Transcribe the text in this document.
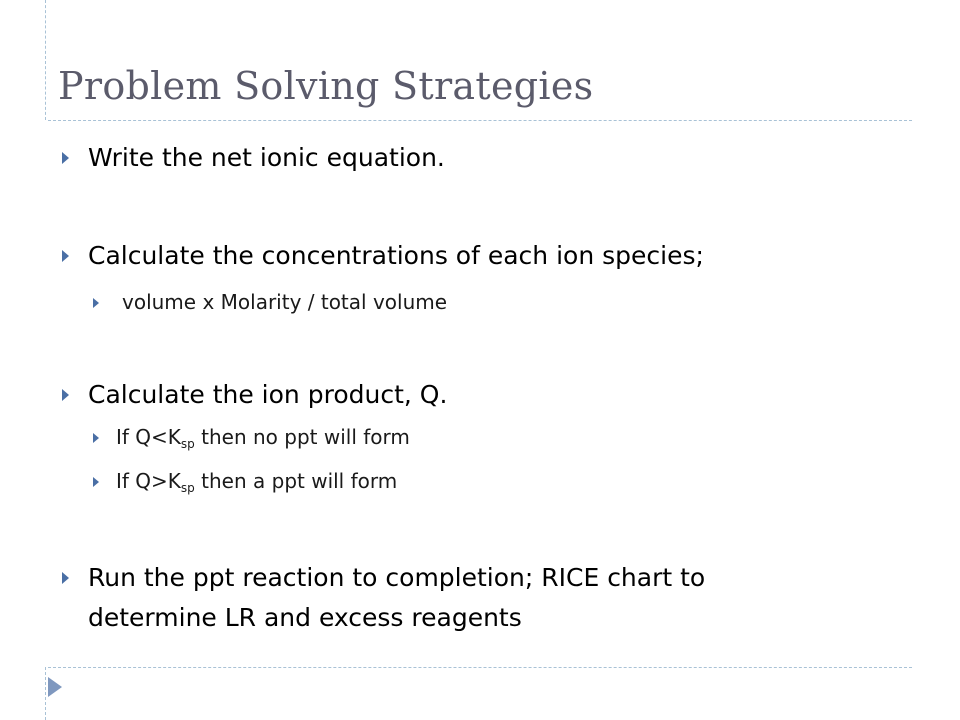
Problem Solving Strategies
Write the net ionic equation.
Calculate the concentrations of each ion species;
volume x Molarity / total volume
Calculate the ion product, Q.
If $Q<K_{sp}$ then no ppt will form
If $Q>K_{sp}$ then a ppt will form
Run the ppt reaction to completion; RICE chart to
determine LR and excess reagents
